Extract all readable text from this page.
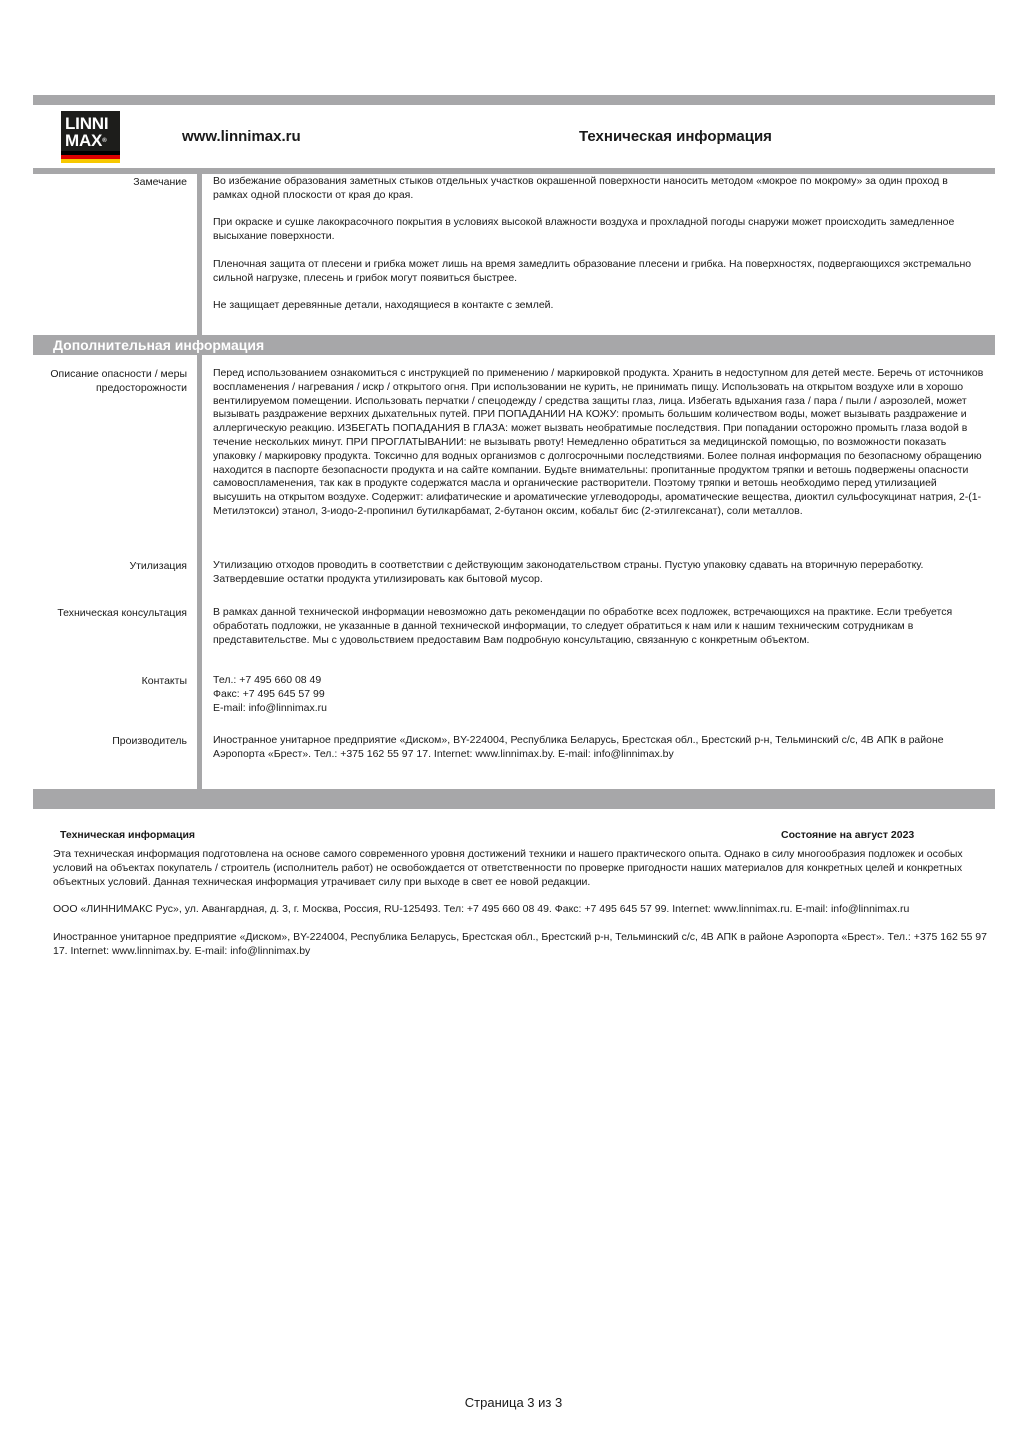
LINNI
MAX®	www.linnimax.ru	Техническая информация
Замечание Во избежание образования заметных стыков отдельных участков окрашенной поверхности наносить методом «мокрое по мокрому» за один проход в рамках одной плоскости от края до края.
При окраске и сушке лакокрасочного покрытия в условиях высокой влажности воздуха и прохладной погоды снаружи может происходить замедленное высыхание поверхности.
Пленочная защита от плесени и грибка может лишь на время замедлить образование плесени и грибка. На поверхностях, подвергающихся экстремально сильной нагрузке, плесень и грибок могут появиться быстрее.
Не защищает деревянные детали, находящиеся в контакте с землей.
Дополнительная информация
Описание опасности / меры предосторожности
Перед использованием ознакомиться с инструкцией по применению / маркировкой продукта. Хранить в недоступном для детей месте. Беречь от источников воспламенения / нагревания / искр / открытого огня. При использовании не курить, не принимать пищу. Использовать на открытом воздухе или в хорошо вентилируемом помещении. Использовать перчатки / спецодежду / средства защиты глаз, лица. Избегать вдыхания газа / пара / пыли / аэрозолей, может вызывать раздражение верхних дыхательных путей. ПРИ ПОПАДАНИИ НА КОЖУ: промыть большим количеством воды, может вызывать раздражение и аллергическую реакцию. ИЗБЕГАТЬ ПОПАДАНИЯ В ГЛАЗА: может вызвать необратимые последствия. При попадании осторожно промыть глаза водой в течение нескольких минут. ПРИ ПРОГЛАТЫВАНИИ: не вызывать рвоту! Немедленно обратиться за медицинской помощью, по возможности показать упаковку / маркировку продукта. Токсично для водных организмов с долгосрочными последствиями. Более полная информация по безопасному обращению находится в паспорте безопасности продукта и на сайте компании. Будьте внимательны: пропитанные продуктом тряпки и ветошь подвержены опасности самовоспламенения, так как в продукте содержатся масла и органические растворители. Поэтому тряпки и ветошь необходимо перед утилизацией высушить на открытом воздухе. Содержит: алифатические и ароматические углеводороды, ароматические вещества, диоктил сульфосукцинат натрия, 2-(1-Метилэтокси) этанол, 3-иодо-2-пропинил бутилкарбамат, 2-бутанон оксим, кобальт бис (2-этилгексанат), соли металлов.
Утилизация Утилизацию отходов проводить в соответствии с действующим законодательством страны. Пустую упаковку сдавать на вторичную переработку. Затвердевшие остатки продукта утилизировать как бытовой мусор.
Техническая консультация В рамках данной технической информации невозможно дать рекомендации по обработке всех подложек, встречающихся на практике. Если требуется обработать подложки, не указанные в данной технической информации, то следует обратиться к нам или к нашим техническим сотрудникам в представительстве. Мы с удовольствием предоставим Вам подробную консультацию, связанную с конкретным объектом.
Контакты Тел.: +7 495 660 08 49
Факс: +7 495 645 57 99
E-mail: info@linnimax.ru
Производитель Иностранное унитарное предприятие «Диском», BY-224004, Республика Беларусь, Брестская обл., Брестский р-н, Тельминский с/с, 4В АПК в районе Аэропорта «Брест». Тел.: +375 162 55 97 17. Internet: www.linnimax.by. E-mail: info@linnimax.by
Техническая информация	Состояние на август 2023
Эта техническая информация подготовлена на основе самого современного уровня достижений техники и нашего практического опыта. Однако в силу многообразия подложек и особых условий на объектах покупатель / строитель (исполнитель работ) не освобождается от ответственности по проверке пригодности наших материалов для конкретных целей и конкретных объектных условий. Данная техническая информация утрачивает силу при выходе в свет ее новой редакции.
ООО «ЛИННИМАКС Рус», ул. Авангардная, д. 3, г. Москва, Россия, RU-125493. Тел: +7 495 660 08 49. Факс: +7 495 645 57 99. Internet: www.linnimax.ru. E-mail: info@linnimax.ru
Иностранное унитарное предприятие «Диском», BY-224004, Республика Беларусь, Брестская обл., Брестский р-н, Тельминский с/с, 4В АПК в районе Аэропорта «Брест». Тел.: +375 162 55 97 17. Internet: www.linnimax.by. E-mail: info@linnimax.by
Страница 3 из 3
